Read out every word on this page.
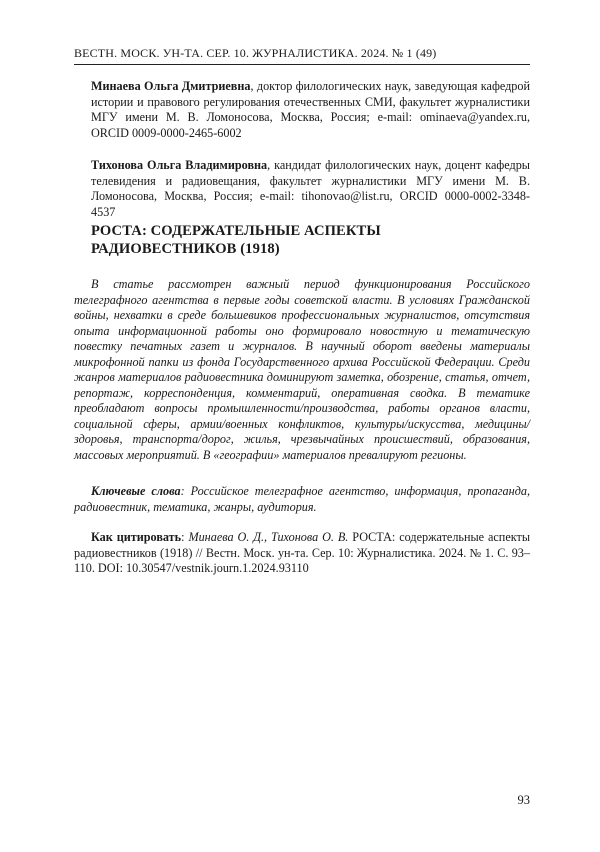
ВЕСТН. МОСК. УН-ТА. СЕР. 10. ЖУРНАЛИСТИКА. 2024. № 1 (49)
Минаева Ольга Дмитриевна, доктор филологических наук, заведующая кафедрой истории и правового регулирования отечественных СМИ, факультет журналистики МГУ имени М. В. Ломоносова, Москва, Россия; e-mail: ominaeva@yandex.ru, ORCID 0009-0000-2465-6002
Тихонова Ольга Владимировна, кандидат филологических наук, доцент кафедры телевидения и радиовещания, факультет журналистики МГУ имени М. В. Ломоносова, Москва, Россия; e-mail: tihonovao@list.ru, ORCID 0000-0002-3348-4537
РОСТА: СОДЕРЖАТЕЛЬНЫЕ АСПЕКТЫ РАДИОВЕСТНИКОВ (1918)

В статье рассмотрен важный период функционирования Российского телеграфного агентства в первые годы советской власти. В условиях Гражданской войны, нехватки в среде большевиков профессиональных журналистов, отсутствия опыта информационной работы оно формировало новостную и тематическую повестку печатных газет и журналов. В научный оборот введены материалы микрофонной папки из фонда Государственного архива Российской Федерации. Среди жанров материалов радиовестника доминируют заметка, обозрение, статья, отчет, репортаж, корреспонденция, комментарий, оперативная сводка. В тематике преобладают вопросы промышленности/производства, работы органов власти, социальной сферы, армии/военных конфликтов, культуры/искусства, медицины/здоровья, транспорта/дорог, жилья, чрезвычайных происшествий, образования, массовых мероприятий. В «географии» материалов превалируют регионы.

Ключевые слова: Российское телеграфное агентство, информация, пропаганда, радиовестник, тематика, жанры, аудитория.

Как цитировать: Минаева О. Д., Тихонова О. В. РОСТА: содержательные аспекты радиовестников (1918) // Вестн. Моск. ун-та. Сер. 10: Журналистика. 2024. № 1. С. 93–110. DOI: 10.30547/vestnik.journ.1.2024.93110

93
